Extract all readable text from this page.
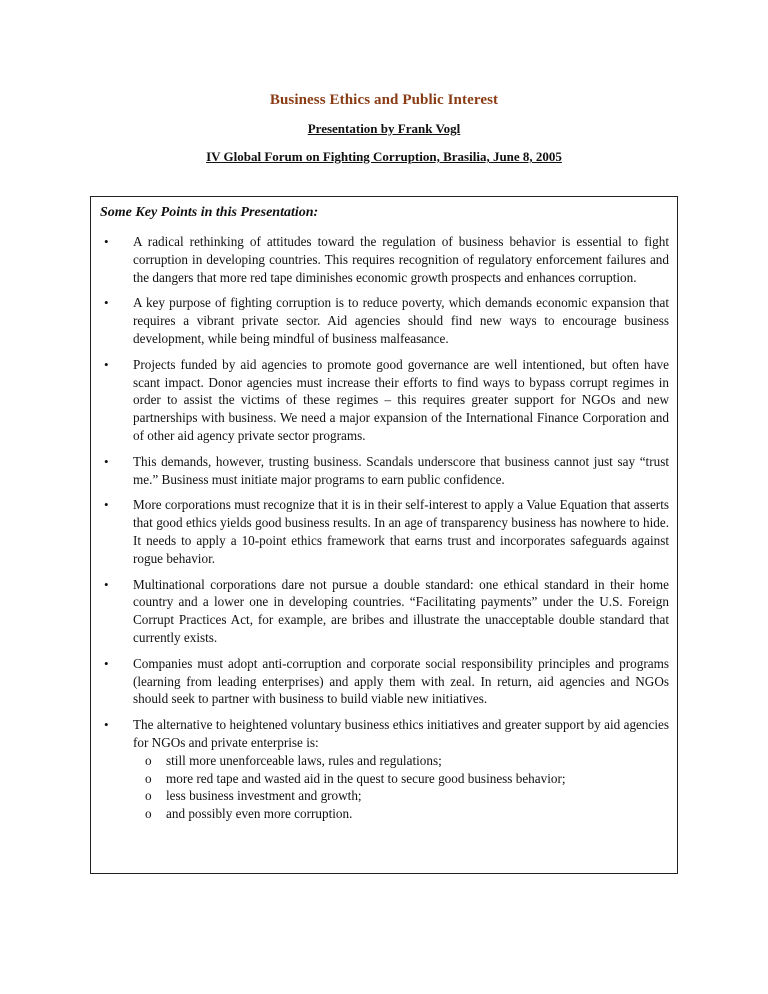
Business Ethics and Public Interest
Presentation by Frank Vogl
IV Global Forum on Fighting Corruption, Brasilia, June 8, 2005
Some Key Points in this Presentation:
• A radical rethinking of attitudes toward the regulation of business behavior is essential to fight corruption in developing countries. This requires recognition of regulatory enforcement failures and the dangers that more red tape diminishes economic growth prospects and enhances corruption.
• A key purpose of fighting corruption is to reduce poverty, which demands economic expansion that requires a vibrant private sector. Aid agencies should find new ways to encourage business development, while being mindful of business malfeasance.
• Projects funded by aid agencies to promote good governance are well intentioned, but often have scant impact. Donor agencies must increase their efforts to find ways to bypass corrupt regimes in order to assist the victims of these regimes – this requires greater support for NGOs and new partnerships with business. We need a major expansion of the International Finance Corporation and of other aid agency private sector programs.
• This demands, however, trusting business. Scandals underscore that business cannot just say “trust me.” Business must initiate major programs to earn public confidence.
• More corporations must recognize that it is in their self-interest to apply a Value Equation that asserts that good ethics yields good business results. In an age of transparency business has nowhere to hide. It needs to apply a 10-point ethics framework that earns trust and incorporates safeguards against rogue behavior.
• Multinational corporations dare not pursue a double standard: one ethical standard in their home country and a lower one in developing countries. “Facilitating payments” under the U.S. Foreign Corrupt Practices Act, for example, are bribes and illustrate the unacceptable double standard that currently exists.
• Companies must adopt anti-corruption and corporate social responsibility principles and programs (learning from leading enterprises) and apply them with zeal. In return, aid agencies and NGOs should seek to partner with business to build viable new initiatives.
• The alternative to heightened voluntary business ethics initiatives and greater support by aid agencies for NGOs and private enterprise is:
o still more unenforceable laws, rules and regulations;
o more red tape and wasted aid in the quest to secure good business behavior;
o less business investment and growth;
o and possibly even more corruption.
